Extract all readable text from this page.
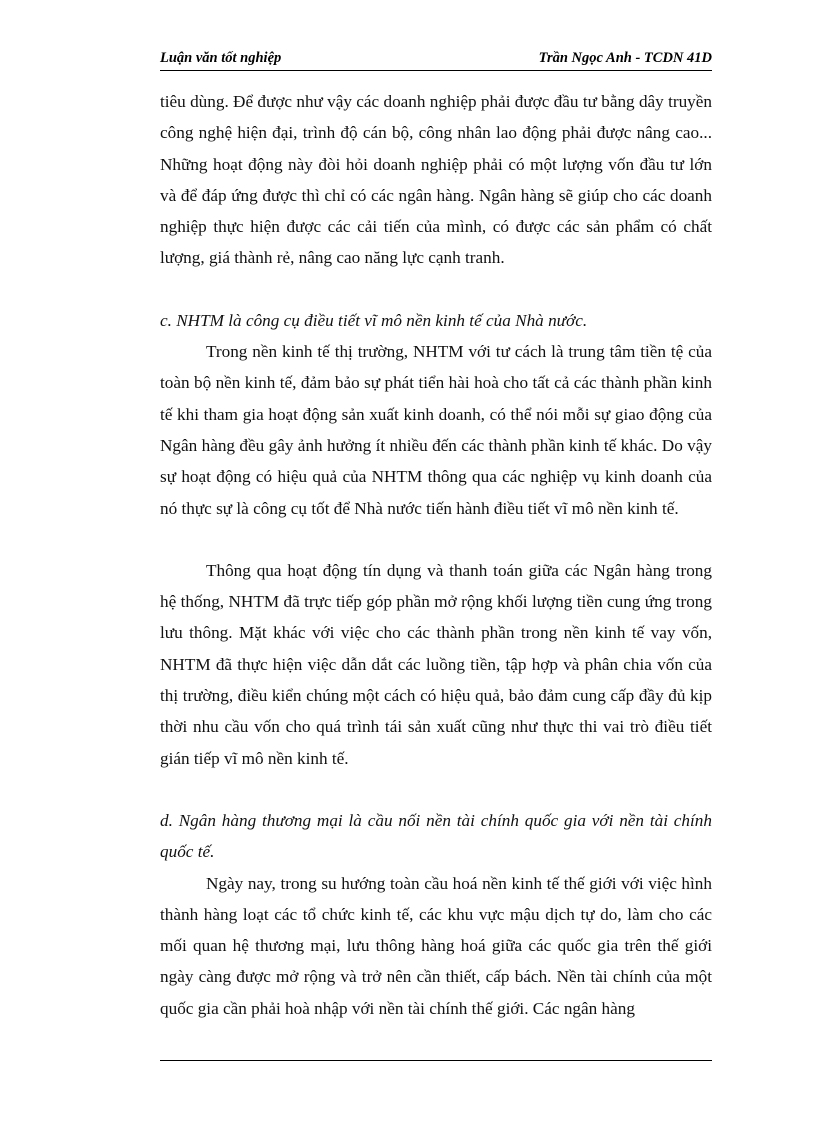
Luận văn tốt nghiệp	Trần Ngọc Anh - TCDN 41D

tiêu dùng. Để được như vậy các doanh nghiệp phải được đầu tư bằng dây truyền công nghệ hiện đại, trình độ cán bộ, công nhân lao động phải được nâng cao... Những hoạt động này đòi hỏi doanh nghiệp phải có một lượng vốn đầu tư lớn và để đáp ứng được thì chỉ có các ngân hàng. Ngân hàng sẽ giúp cho các doanh nghiệp thực hiện được các cải tiến của mình, có được các sản phẩm có chất lượng, giá thành rẻ, nâng cao năng lực cạnh tranh.

c. NHTM là công cụ điều tiết vĩ mô nền kinh tế của Nhà nước.

Trong nền kinh tế thị trường, NHTM với tư cách là trung tâm tiền tệ của toàn bộ nền kinh tế, đảm bảo sự phát tiển hài hoà cho tất cả các thành phần kinh tế khi tham gia hoạt động sản xuất kinh doanh, có thể nói mỗi sự giao động của Ngân hàng đều gây ảnh hưởng ít nhiều đến các thành phần kinh tế khác. Do vậy sự hoạt động có hiệu quả của NHTM thông qua các nghiệp vụ kinh doanh của nó thực sự là công cụ tốt để Nhà nước tiến hành điều tiết vĩ mô nền kinh tế.

Thông qua hoạt động tín dụng và thanh toán giữa các Ngân hàng trong hệ thống, NHTM đã trực tiếp góp phần mở rộng khối lượng tiền cung ứng trong lưu thông. Mặt khác với việc cho các thành phần trong nền kinh tế vay vốn, NHTM đã thực hiện việc dẫn dắt các luồng tiền, tập hợp và phân chia vốn của thị trường, điều kiển chúng một cách có hiệu quả, bảo đảm cung cấp đầy đủ kịp thời nhu cầu vốn cho quá trình tái sản xuất cũng như thực thi vai trò điều tiết gián tiếp vĩ mô nền kinh tế.

d. Ngân hàng thương mại là cầu nối nền tài chính quốc gia với nền tài chính quốc tế.

Ngày nay, trong su hướng toàn cầu hoá nền kinh tế thế giới với việc hình thành hàng loạt các tổ chức kinh tế, các khu vực mậu dịch tự do, làm cho các mối quan hệ thương mại, lưu thông hàng hoá giữa các quốc gia trên thế giới ngày càng được mở rộng và trở nên cần thiết, cấp bách. Nền tài chính của một quốc gia cần phải hoà nhập với nền tài chính thế giới. Các ngân hàng
